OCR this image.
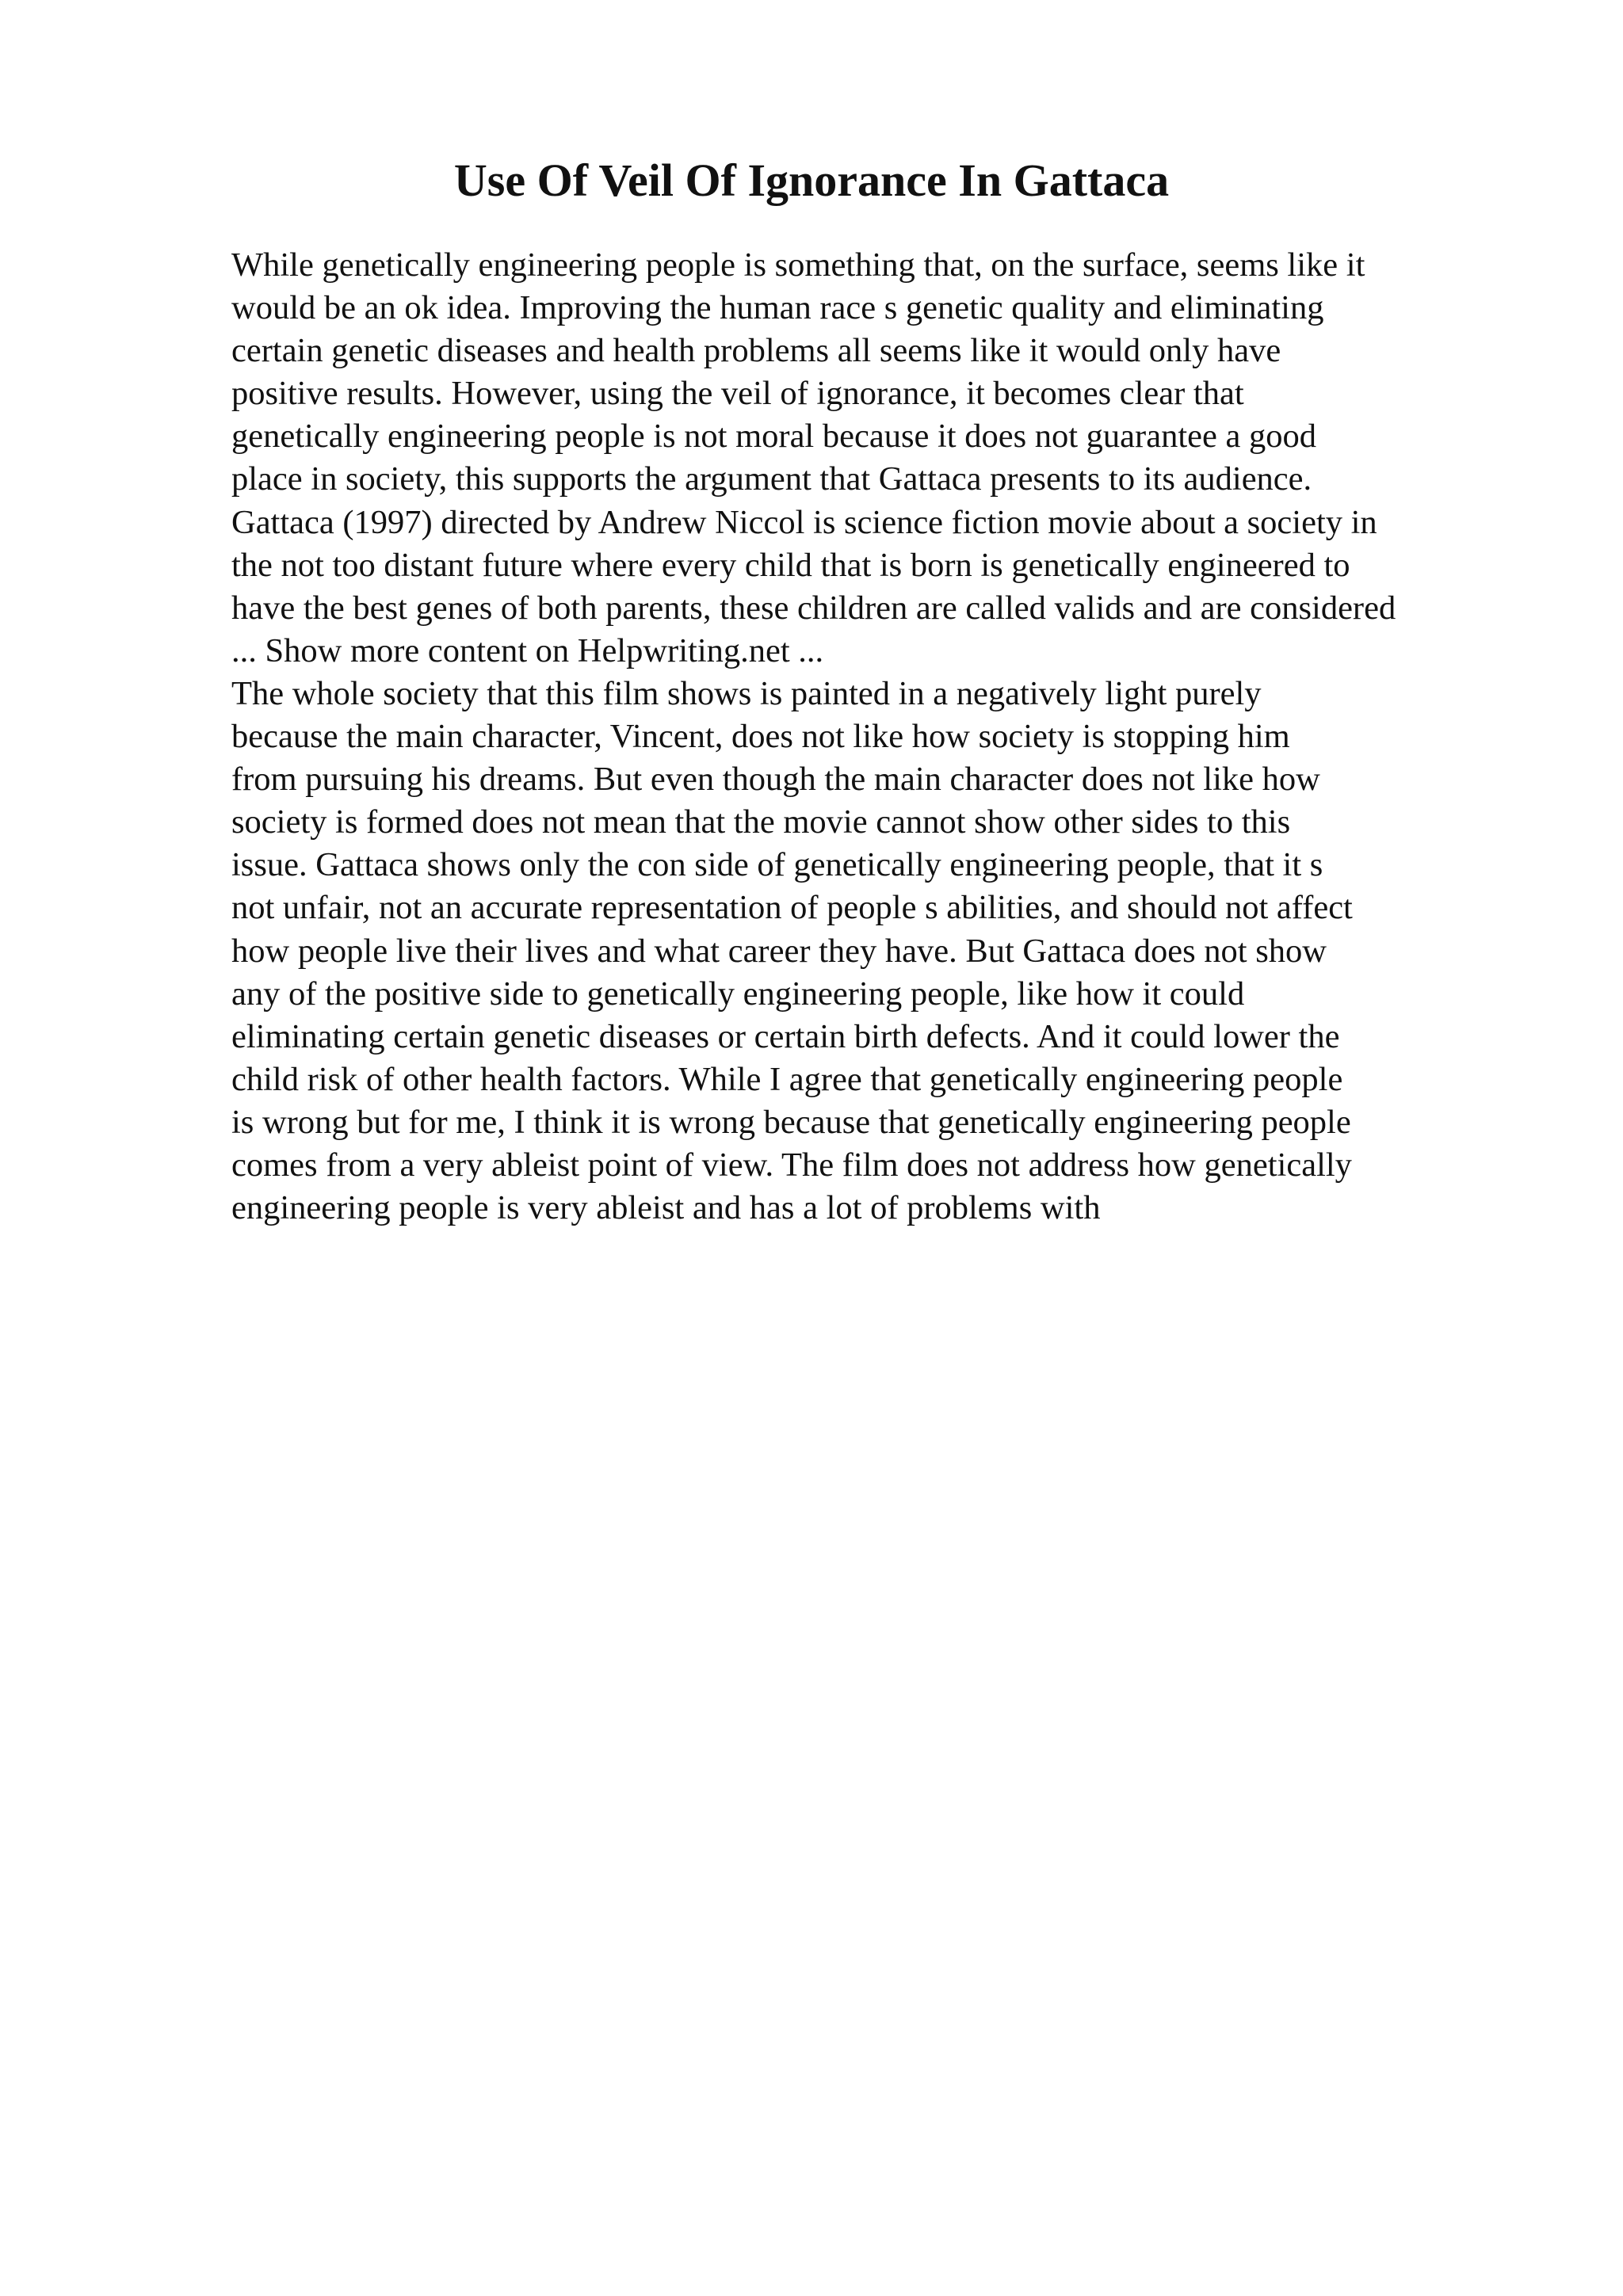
Use Of Veil Of Ignorance In Gattaca
While genetically engineering people is something that, on the surface, seems like it
would be an ok idea. Improving the human race s genetic quality and eliminating
certain genetic diseases and health problems all seems like it would only have
positive results. However, using the veil of ignorance, it becomes clear that
genetically engineering people is not moral because it does not guarantee a good
place in society, this supports the argument that Gattaca presents to its audience.
Gattaca (1997) directed by Andrew Niccol is science fiction movie about a society in
the not too distant future where every child that is born is genetically engineered to
have the best genes of both parents, these children are called valids and are considered
... Show more content on Helpwriting.net ...
The whole society that this film shows is painted in a negatively light purely
because the main character, Vincent, does not like how society is stopping him
from pursuing his dreams. But even though the main character does not like how
society is formed does not mean that the movie cannot show other sides to this
issue. Gattaca shows only the con side of genetically engineering people, that it s
not unfair, not an accurate representation of people s abilities, and should not affect
how people live their lives and what career they have. But Gattaca does not show
any of the positive side to genetically engineering people, like how it could
eliminating certain genetic diseases or certain birth defects. And it could lower the
child risk of other health factors. While I agree that genetically engineering people
is wrong but for me, I think it is wrong because that genetically engineering people
comes from a very ableist point of view. The film does not address how genetically
engineering people is very ableist and has a lot of problems with
